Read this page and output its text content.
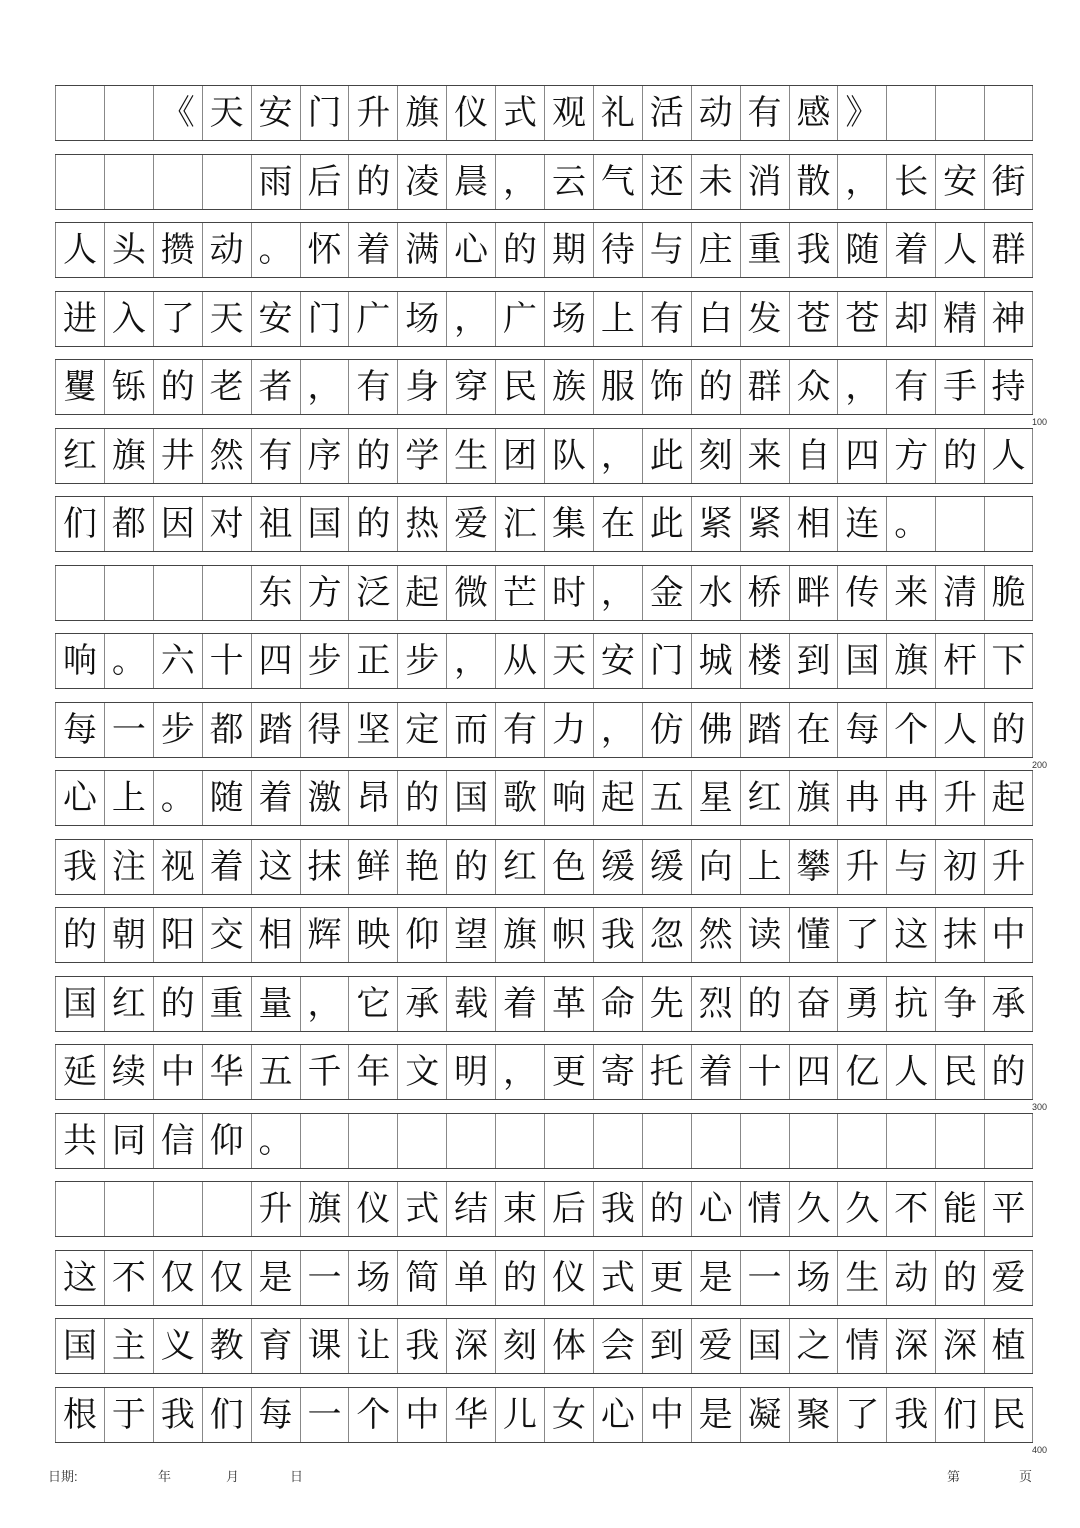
《 天 安 门 升 旗 仪 式 观 礼 活 动 有 感 》
雨 后 的 凌 晨 ， 云 气 还 未 消 散 ， 长 安 街
人 头 攒 动 。 怀 着 满 心 的 期 待 与 庄 重 我 随 着 人 群
进 入 了 天 安 门 广 场 ， 广 场 上 有 白 发 苍 苍 却 精 神
矍 铄 的 老 者 ， 有 身 穿 民 族 服 饰 的 群 众 ， 有 手 持
100
红 旗 井 然 有 序 的 学 生 团 队 ， 此 刻 来 自 四 方 的 人
们 都 因 对 祖 国 的 热 爱 汇 集 在 此 紧 紧 相 连 。
东 方 泛 起 微 芒 时 ， 金 水 桥 畔 传 来 清 脆
响 。 六 十 四 步 正 步 ， 从 天 安 门 城 楼 到 国 旗 杆 下
每 一 步 都 踏 得 坚 定 而 有 力 ， 仿 佛 踏 在 每 个 人 的
200
心 上 。 随 着 激 昂 的 国 歌 响 起 五 星 红 旗 冉 冉 升 起
我 注 视 着 这 抹 鲜 艳 的 红 色 缓 缓 向 上 攀 升 与 初 升
的 朝 阳 交 相 辉 映 仰 望 旗 帜 我 忽 然 读 懂 了 这 抹 中
国 红 的 重 量 ， 它 承 载 着 革 命 先 烈 的 奋 勇 抗 争 承
延 续 中 华 五 千 年 文 明 ， 更 寄 托 着 十 四 亿 人 民 的
300
共 同 信 仰 。
升 旗 仪 式 结 束 后 我 的 心 情 久 久 不 能 平
这 不 仅 仅 是 一 场 简 单 的 仪 式 更 是 一 场 生 动 的 爱
国 主 义 教 育 课 让 我 深 刻 体 会 到 爱 国 之 情 深 深 植
根 于 我 们 每 一 个 中 华 儿 女 心 中 是 凝 聚 了 我 们 民
400
日期:	年	月	日	第	页
